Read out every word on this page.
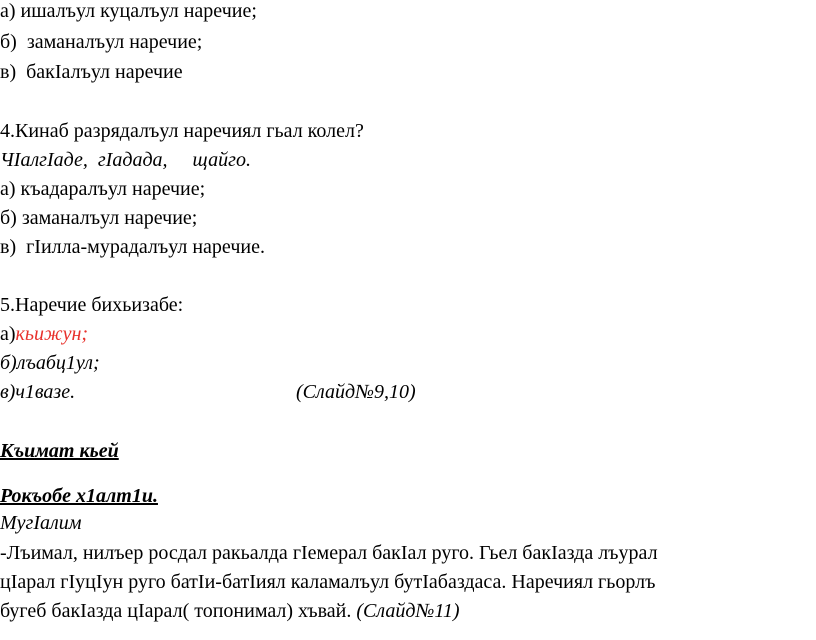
а) ишалъул куцалъул наречие;
б)  заманалъул наречие;
в)  бакIалъул наречие
4.Кинаб разрядалъул наречиял гьал колел?
ЧIалгIаде,  гIадада,     щайго.
а) къадаралъул наречие;
б) заманалъул наречие;
в)  гIилла-мурадалъул наречие.
5.Наречие бихьизабе:
а)кьижун;
б)лъабц1ул;
в)ч1вазе.	(Слайд№9,10)
Къимат кьей
Рокъобе х1алт1и.
МугIалим
-Лъимал, нилъер росдал ракьалда гIемерал бакIал руго. Гьел бакIазда лъурал
цIарал гIуцIун руго батIи-батIиял каламалъул бутIабаздаса. Наречиял гьорлъ
бугеб бакIазда цIарал( топонимал) хъвай. (Слайд№11)
